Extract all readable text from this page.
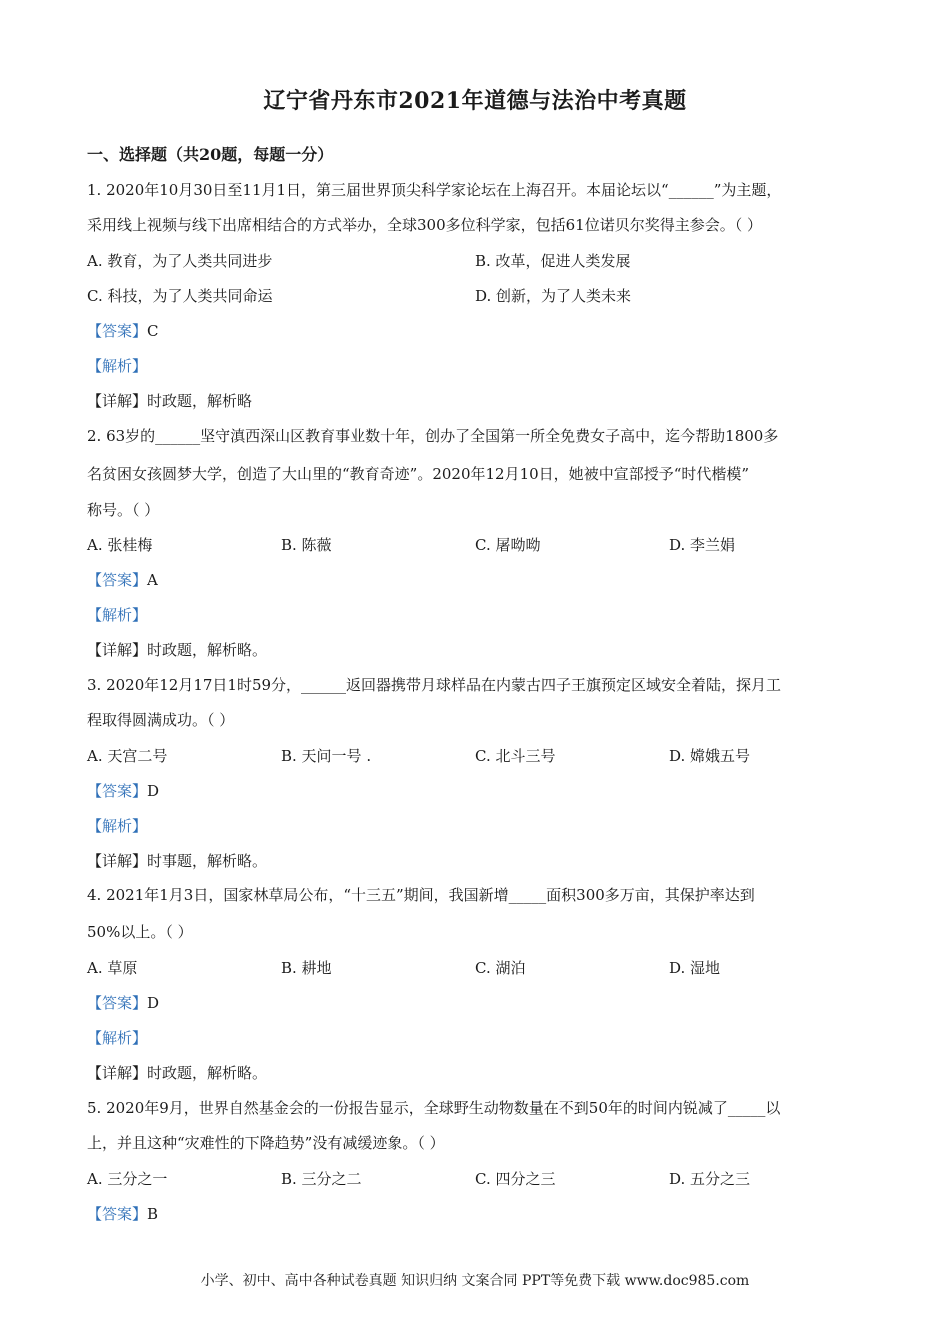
辽宁省丹东市2021年道德与法治中考真题
一、选择题（共20题，每题一分）
1. 2020年10月30日至11月1日，第三届世界顶尖科学家论坛在上海召开。本届论坛以“______”为主题，
采用线上视频与线下出席相结合的方式举办，全球300多位科学家，包括61位诺贝尔奖得主参会。（ ）
A. 教育，为了人类共同进步	B. 改革，促进人类发展
C. 科技，为了人类共同命运	D. 创新，为了人类未来
【答案】C
【解析】
【详解】时政题，解析略
2. 63岁的______坚守滇西深山区教育事业数十年，创办了全国第一所全免费女子高中，迄今帮助1800多
名贫困女孩圆梦大学，创造了大山里的“教育奇迹”。2020年12月10日，她被中宣部授予“时代楷模”
称号。（ ）
A. 张桂梅	B. 陈薇	C. 屠呦呦	D. 李兰娟
【答案】A
【解析】
【详解】时政题，解析略。
3. 2020年12月17日1时59分，______返回器携带月球样品在内蒙古四子王旗预定区域安全着陆，探月工
程取得圆满成功。（ ）
A. 天宫二号	B. 天问一号 .	C. 北斗三号	D. 嫦娥五号
【答案】D
【解析】
【详解】时事题，解析略。
4. 2021年1月3日，国家林草局公布，“十三五”期间，我国新增_____面积300多万亩，其保护率达到
50%以上。（ ）
A. 草原	B. 耕地	C. 湖泊	D. 湿地
【答案】D
【解析】
【详解】时政题，解析略。
5. 2020年9月，世界自然基金会的一份报告显示，全球野生动物数量在不到50年的时间内锐减了_____以
上，并且这种“灾难性的下降趋势”没有减缓迹象。（ ）
A. 三分之一	B. 三分之二	C. 四分之三	D. 五分之三
【答案】B
小学、初中、高中各种试卷真题 知识归纳 文案合同 PPT等免费下载 www.doc985.com
